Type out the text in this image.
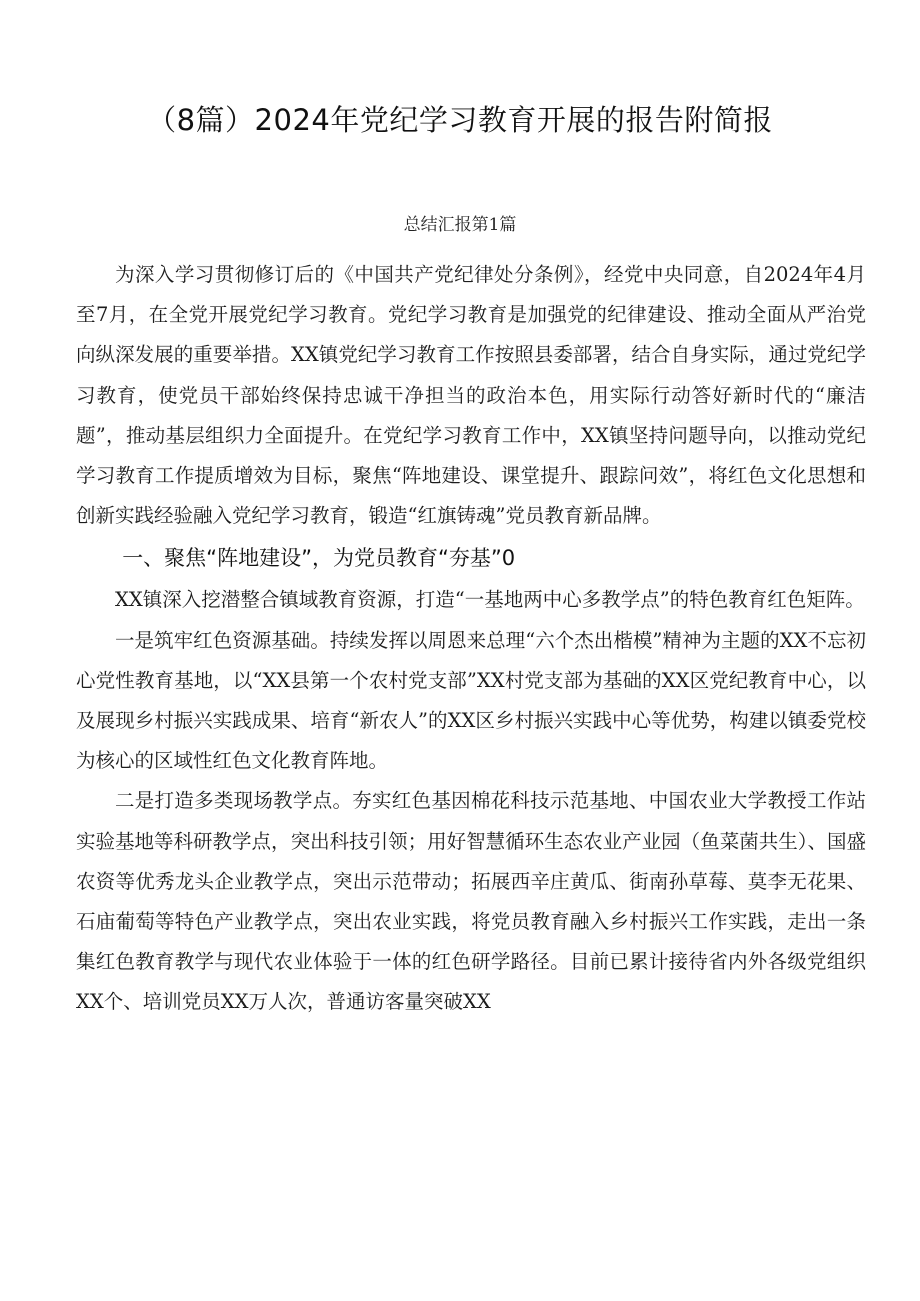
（8篇）2024年党纪学习教育开展的报告附简报
总结汇报第1篇

为深入学习贯彻修订后的《中国共产党纪律处分条例》，经党中央同意，自2024年4月至7月，在全党开展党纪学习教育。党纪学习教育是加强党的纪律建设、推动全面从严治党向纵深发展的重要举措。XX镇党纪学习教育工作按照县委部署，结合自身实际，通过党纪学习教育，使党员干部始终保持忠诚干净担当的政治本色，用实际行动答好新时代的“廉洁题”，推动基层组织力全面提升。在党纪学习教育工作中，XX镇坚持问题导向，以推动党纪学习教育工作提质增效为目标，聚焦“阵地建设、课堂提升、跟踪问效”，将红色文化思想和创新实践经验融入党纪学习教育，锻造“红旗铸魂”党员教育新品牌。

一、聚焦“阵地建设”，为党员教育“夯基”0

XX镇深入挖潜整合镇域教育资源，打造“一基地两中心多教学点”的特色教育红色矩阵。

一是筑牢红色资源基础。持续发挥以周恩来总理“六个杰出楷模”精神为主题的XX不忘初心党性教育基地，以“XX县第一个农村党支部”XX村党支部为基础的XX区党纪教育中心，以及展现乡村振兴实践成果、培育“新农人”的XX区乡村振兴实践中心等优势，构建以镇委党校为核心的区域性红色文化教育阵地。

二是打造多类现场教学点。夯实红色基因棉花科技示范基地、中国农业大学教授工作站实验基地等科研教学点，突出科技引领；用好智慧循环生态农业产业园（鱼菜菌共生）、国盛农资等优秀龙头企业教学点，突出示范带动；拓展西辛庄黄瓜、街南孙草莓、莫李无花果、石庙葡萄等特色产业教学点，突出农业实践，将党员教育融入乡村振兴工作实践，走出一条集红色教育教学与现代农业体验于一体的红色研学路径。目前已累计接待省内外各级党组织XX个、培训党员XX万人次，普通访客量突破XX
